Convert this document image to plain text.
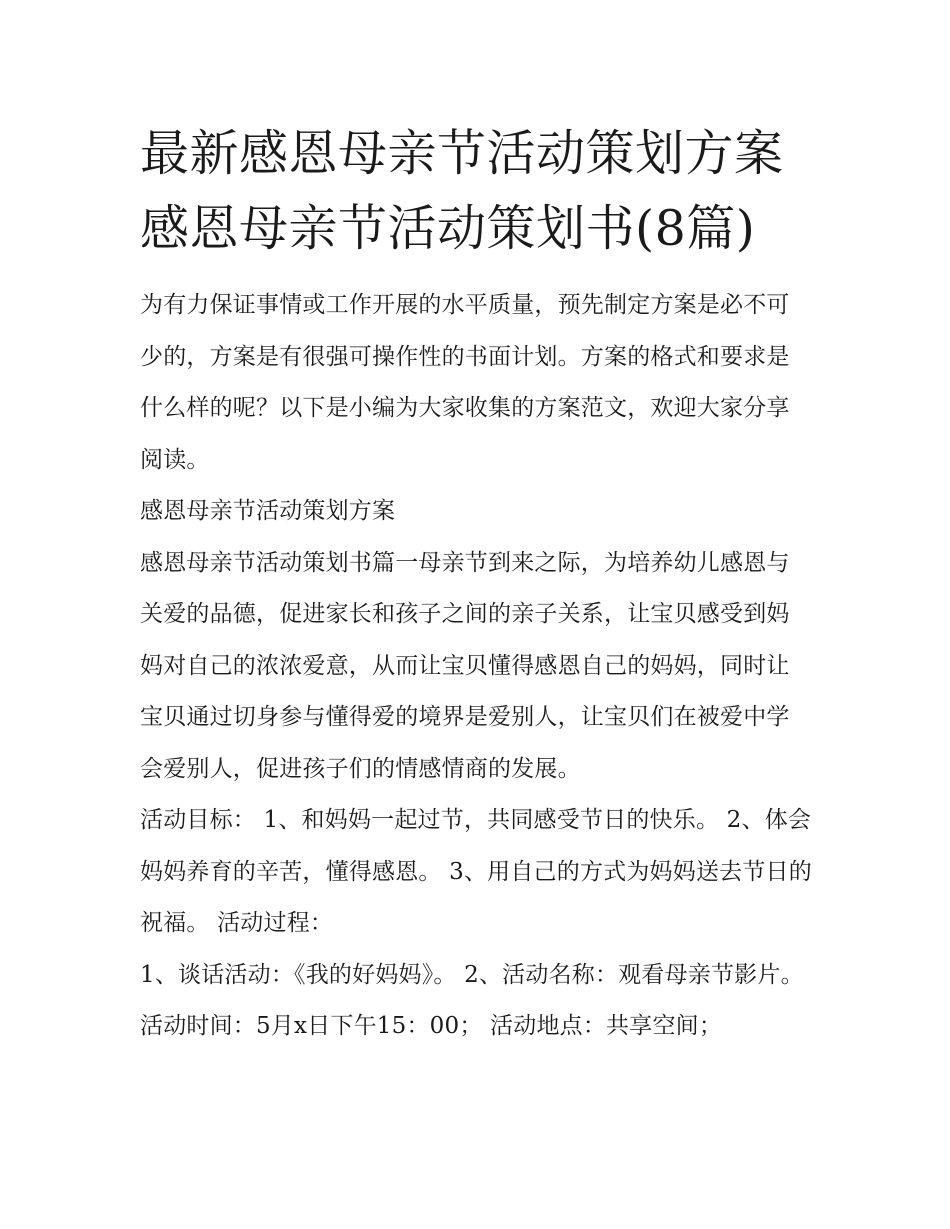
最新感恩母亲节活动策划方案感恩母亲节活动策划书(8篇)

为有力保证事情或工作开展的水平质量，预先制定方案是必不可少的，方案是有很强可操作性的书面计划。方案的格式和要求是什么样的呢？以下是小编为大家收集的方案范文，欢迎大家分享阅读。

感恩母亲节活动策划方案

感恩母亲节活动策划书篇一母亲节到来之际，为培养幼儿感恩与关爱的品德，促进家长和孩子之间的亲子关系，让宝贝感受到妈妈对自己的浓浓爱意，从而让宝贝懂得感恩自己的妈妈，同时让宝贝通过切身参与懂得爱的境界是爱别人，让宝贝们在被爱中学会爱别人，促进孩子们的情感情商的发展。

活动目标： 1、和妈妈一起过节，共同感受节日的快乐。 2、体会妈妈养育的辛苦，懂得感恩。 3、用自己的方式为妈妈送去节日的祝福。 活动过程：

1、谈话活动：《我的好妈妈》。 2、活动名称：观看母亲节影片。 活动时间：5月x日下午15：00； 活动地点：共享空间；
